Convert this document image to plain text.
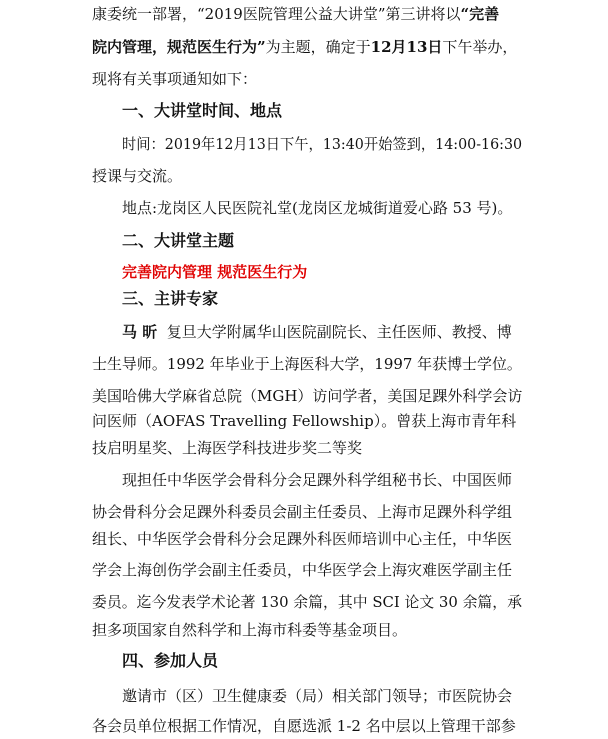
康委统一部署，“2019医院管理公益大讲堂”第三讲将以“完善
院内管理，规范医生行为”为主题，确定于12月13日下午举办，
现将有关事项通知如下：
一、大讲堂时间、地点
时间：2019年12月13日下午，13:40开始签到，14:00-16:30
授课与交流。
地点:龙岗区人民医院礼堂(龙岗区龙城街道爱心路 53 号)。
二、大讲堂主题
完善院内管理 规范医生行为
三、主讲专家
马 昕 复旦大学附属华山医院副院长、主任医师、教授、博
士生导师。1992 年毕业于上海医科大学，1997 年获博士学位。
美国哈佛大学麻省总院（MGH）访问学者，美国足踝外科学会访
问医师（AOFAS Travelling Fellowship）。曾获上海市青年科
技启明星奖、上海医学科技进步奖二等奖
现担任中华医学会骨科分会足踝外科学组秘书长、中国医师
协会骨科分会足踝外科委员会副主任委员、上海市足踝外科学组
组长、中华医学会骨科分会足踝外科医师培训中心主任，中华医
学会上海创伤学会副主任委员，中华医学会上海灾难医学副主任
委员。迄今发表学术论著 130 余篇，其中 SCI 论文 30 余篇，承
担多项国家自然科学和上海市科委等基金项目。
四、参加人员
邀请市（区）卫生健康委（局）相关部门领导；市医院协会
各会员单位根据工作情况，自愿选派 1-2 名中层以上管理干部参
